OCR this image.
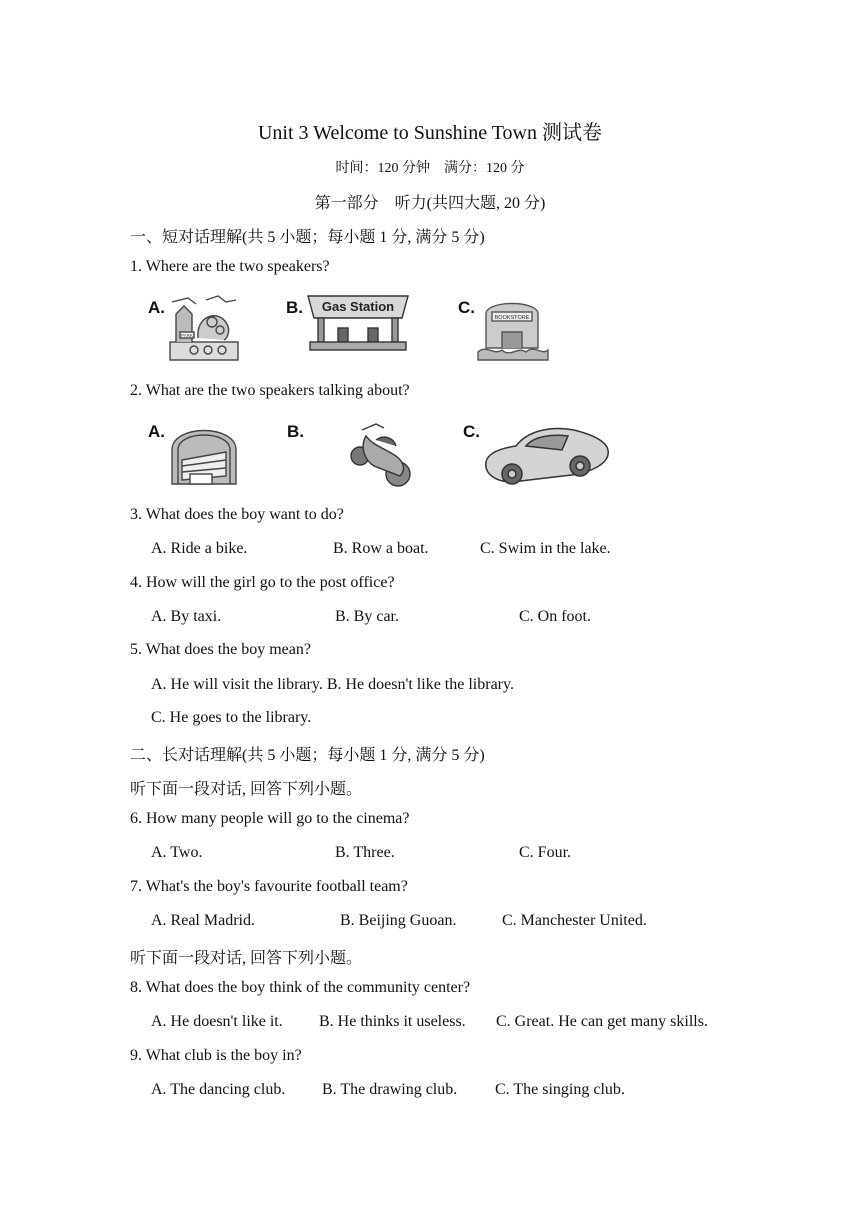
Unit 3 Welcome to Sunshine Town 测试卷
时间：120 分钟　满分：120 分
第一部分　听力(共四大题, 20 分)
一、短对话理解(共 5 小题；每小题 1 分, 满分 5 分)
1. Where are the two speakers?
A.
PARK
B. Gas Station	C.
BOOKSTORE
2. What are the two speakers talking about?
A.	B.	C.
3. What does the boy want to do?
A. Ride a bike.	B. Row a boat.	C. Swim in the lake.
4. How will the girl go to the post office?
A. By taxi.	B. By car.	C. On foot.
5. What does the boy mean?
A. He will visit the library. B. He doesn't like the library.
C. He goes to the library.
二、长对话理解(共 5 小题；每小题 1 分, 满分 5 分)
听下面一段对话, 回答下列小题。
6. How many people will go to the cinema?
A. Two.	B. Three.	C. Four.
7. What's the boy's favourite football team?
A. Real Madrid.	B. Beijing Guoan.	C. Manchester United.
听下面一段对话, 回答下列小题。
8. What does the boy think of the community center?
A. He doesn't like it. B. He thinks it useless. C. Great. He can get many skills.
9. What club is the boy in?
A. The dancing club. B. The drawing club. C. The singing club.
